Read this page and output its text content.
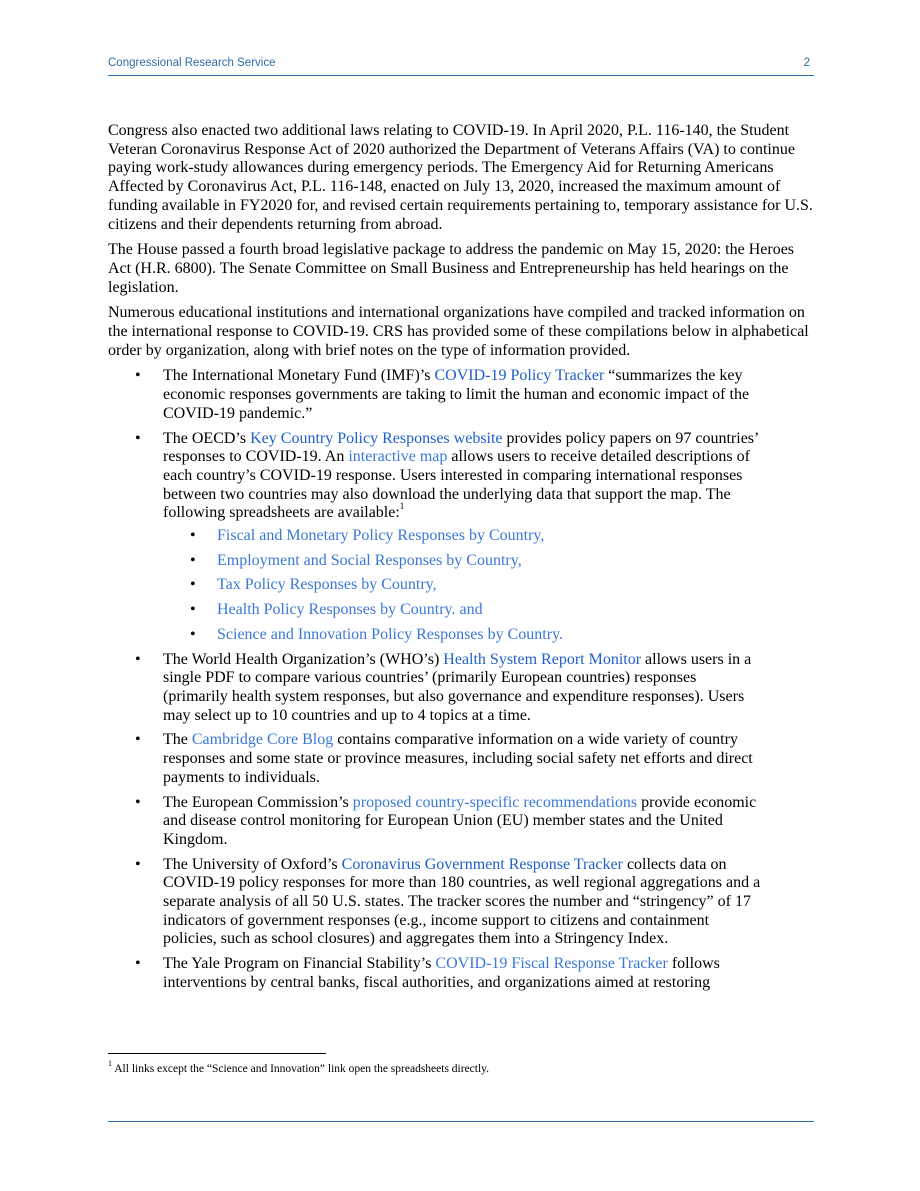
Congressional Research Service	2

Congress also enacted two additional laws relating to COVID-19. In April 2020, P.L. 116-140, the Student Veteran Coronavirus Response Act of 2020 authorized the Department of Veterans Affairs (VA) to continue paying work-study allowances during emergency periods. The Emergency Aid for Returning Americans Affected by Coronavirus Act, P.L. 116-148, enacted on July 13, 2020, increased the maximum amount of funding available in FY2020 for, and revised certain requirements pertaining to, temporary assistance for U.S. citizens and their dependents returning from abroad.

The House passed a fourth broad legislative package to address the pandemic on May 15, 2020: the Heroes Act (H.R. 6800). The Senate Committee on Small Business and Entrepreneurship has held hearings on the legislation.

Numerous educational institutions and international organizations have compiled and tracked information on the international response to COVID-19. CRS has provided some of these compilations below in alphabetical order by organization, along with brief notes on the type of information provided.

• The International Monetary Fund (IMF)’s COVID-19 Policy Tracker “summarizes the key economic responses governments are taking to limit the human and economic impact of the COVID-19 pandemic.”
• The OECD’s Key Country Policy Responses website provides policy papers on 97 countries’ responses to COVID-19. An interactive map allows users to receive detailed descriptions of each country’s COVID-19 response. Users interested in comparing international responses between two countries may also download the underlying data that support the map. The following spreadsheets are available:$^1$
• Fiscal and Monetary Policy Responses by Country,
• Employment and Social Responses by Country,
• Tax Policy Responses by Country,
• Health Policy Responses by Country. and
• Science and Innovation Policy Responses by Country.
• The World Health Organization’s (WHO’s) Health System Report Monitor allows users in a single PDF to compare various countries’ (primarily European countries) responses (primarily health system responses, but also governance and expenditure responses). Users may select up to 10 countries and up to 4 topics at a time.
• The Cambridge Core Blog contains comparative information on a wide variety of country responses and some state or province measures, including social safety net efforts and direct payments to individuals.
• The European Commission’s proposed country-specific recommendations provide economic and disease control monitoring for European Union (EU) member states and the United Kingdom.
• The University of Oxford’s Coronavirus Government Response Tracker collects data on COVID-19 policy responses for more than 180 countries, as well regional aggregations and a separate analysis of all 50 U.S. states. The tracker scores the number and “stringency” of 17 indicators of government responses (e.g., income support to citizens and containment policies, such as school closures) and aggregates them into a Stringency Index.
• The Yale Program on Financial Stability’s COVID-19 Fiscal Response Tracker follows interventions by central banks, fiscal authorities, and organizations aimed at restoring
$^1$ All links except the “Science and Innovation” link open the spreadsheets directly.
